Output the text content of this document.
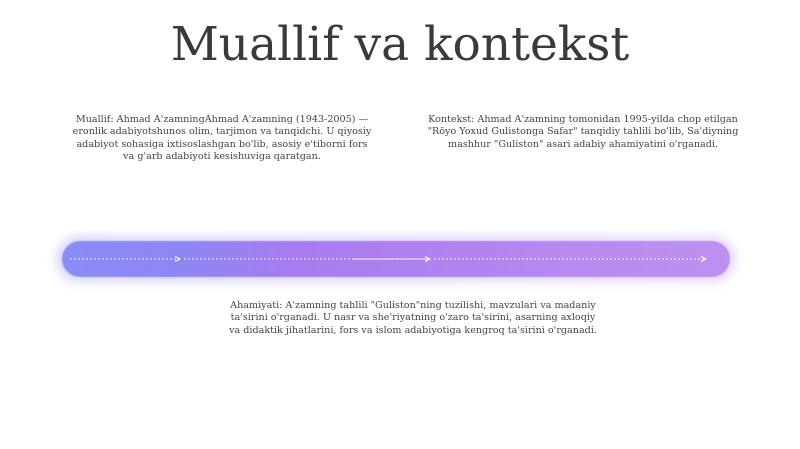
Muallif va kontekst
Muallif: Ahmad A'zamningAhmad A'zamning (1943-2005) — eronlik adabiyotshunos olim, tarjimon va tanqidchi. U qiyosiy adabiyot sohasiga ixtisoslashgan bo'lib, asosiy e'tiborni fors va g'arb adabiyoti kesishuviga qaratgan.
Kontekst: Ahmad A'zamning tomonidan 1995-yilda chop etilgan "Rōyo Yoxud Gulistonga Safar" tanqidiy tahlili bo'lib, Sa'diyning mashhur "Guliston" asari adabiy ahamiyatini o'rganadi.
Ahamiyati: A'zamning tahlili "Guliston"ning tuzilishi, mavzulari va madaniy ta'sirini o'rganadi. U nasr va she'riyatning o'zaro ta'sirini, asarning axloqiy va didaktik jihatlarini, fors va islom adabiyotiga kengroq ta'sirini o'rganadi.
